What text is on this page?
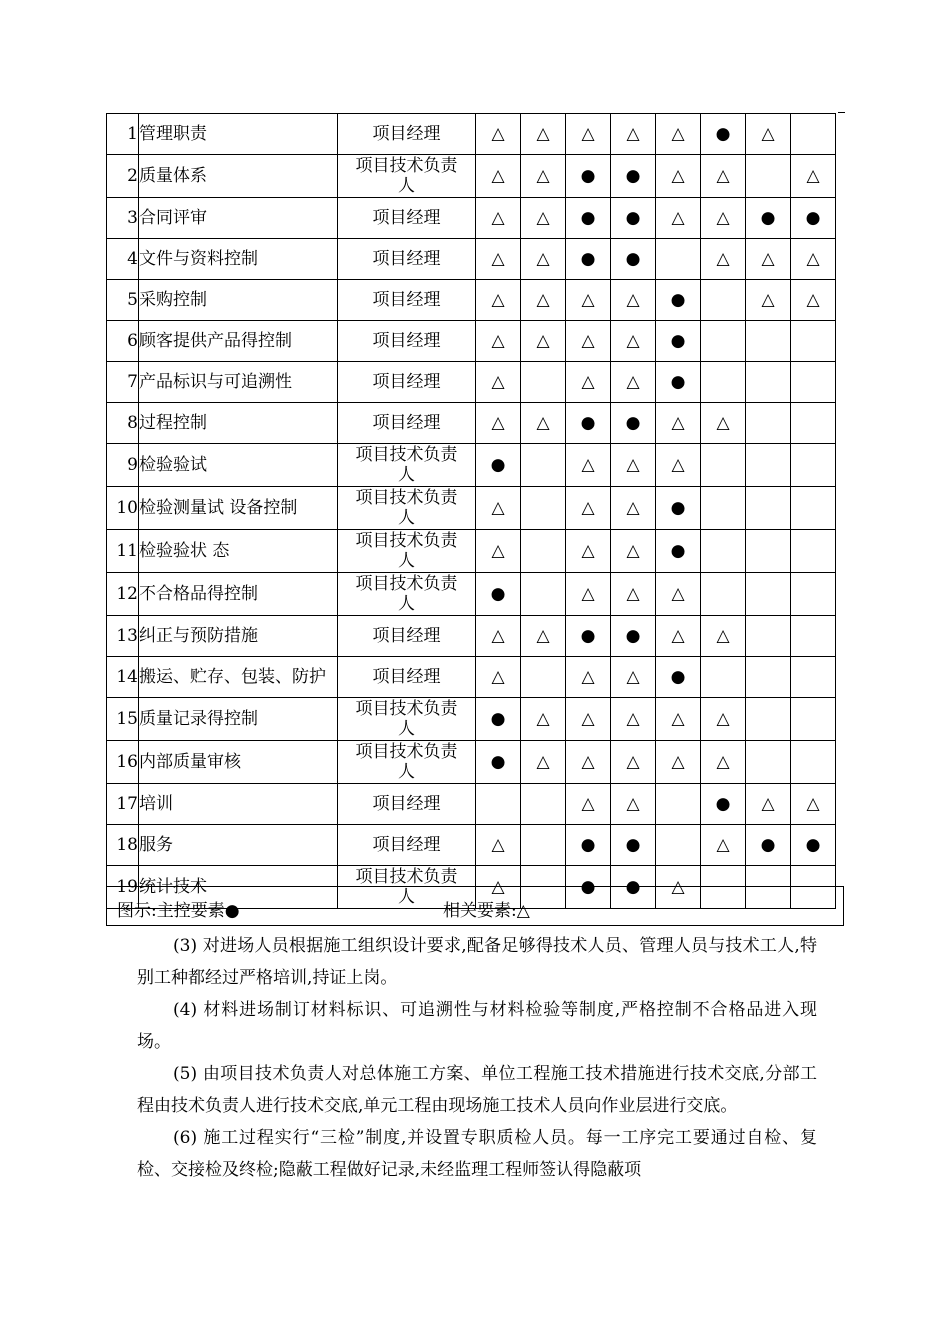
1	管理职责	项目经理	△	△	△	△	△	●	△	
2	质量体系	项目技术负责
人	△	△	●	●	△	△		△
3	合同评审	项目经理	△	△	●	●	△	△	●	●
4	文件与资料控制	项目经理	△	△	●	●		△	△	△
5	采购控制	项目经理	△	△	△	△	●		△	△
6	顾客提供产品得控制	项目经理	△	△	△	△	●			
7	产品标识与可追溯性	项目经理	△		△	△	●			
8	过程控制	项目经理	△	△	●	●	△	△		
9	检验验试	项目技术负责
人	●		△	△	△			
10	检验测量试 设备控制	项目技术负责
人	△		△	△	●			
11	检验验状 态	项目技术负责
人	△		△	△	●			
12	不合格品得控制	项目技术负责
人	●		△	△	△			
13	纠正与预防措施	项目经理	△	△	●	●	△	△		
14	搬运、贮存、包装、防护	项目经理	△		△	△	●			
15	质量记录得控制	项目技术负责
人	●	△	△	△	△	△		
16	内部质量审核	项目技术负责
人	●	△	△	△	△	△		
17	培训	项目经理			△	△		●	△	△
18	服务	项目经理	△		●	●		△	●	●
19	统计技术	项目技术负责
人	△		●	●	△			
图示:主控要素●	相关要素:△

(3) 对进场人员根据施工组织设计要求,配备足够得技术人员、管理人员与技术工人,特别工种都经过严格培训,持证上岗。

(4) 材料进场制订材料标识、可追溯性与材料检验等制度,严格控制不合格品进入现场。

(5) 由项目技术负责人对总体施工方案、单位工程施工技术措施进行技术交底,分部工程由技术负责人进行技术交底,单元工程由现场施工技术人员向作业层进行交底。

(6) 施工过程实行“三检”制度,并设置专职质检人员。每一工序完工要通过自检、复检、交接检及终检;隐蔽工程做好记录,未经监理工程师签认得隐蔽项
